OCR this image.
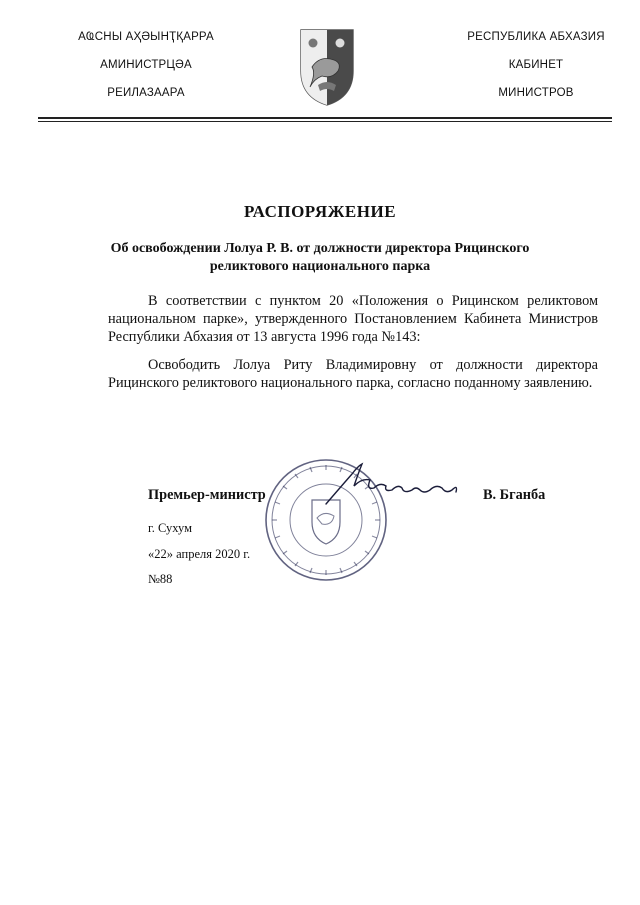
АҨСНЫ АҲӘЫНҬҚАРРА
АМИНИСТРЦӘА
РЕИЛАЗААРА
РЕСПУБЛИКА АБХАЗИЯ
КАБИНЕТ
МИНИСТРОВ
РАСПОРЯЖЕНИЕ
Об освобождении Лолуа Р. В. от должности директора Рицинского
реликтового национального парка
В соответствии с пунктом 20 «Положения о Рицинском реликтовом национальном парке», утвержденного Постановлением Кабинета Министров Республики Абхазия от 13 августа 1996 года №143:
Освободить Лолуа Риту Владимировну от должности директора Рицинского реликтового национального парка, согласно поданному заявлению.
Премьер-министр	В. Бганба
г. Сухум
«22» апреля 2020 г.
№88
